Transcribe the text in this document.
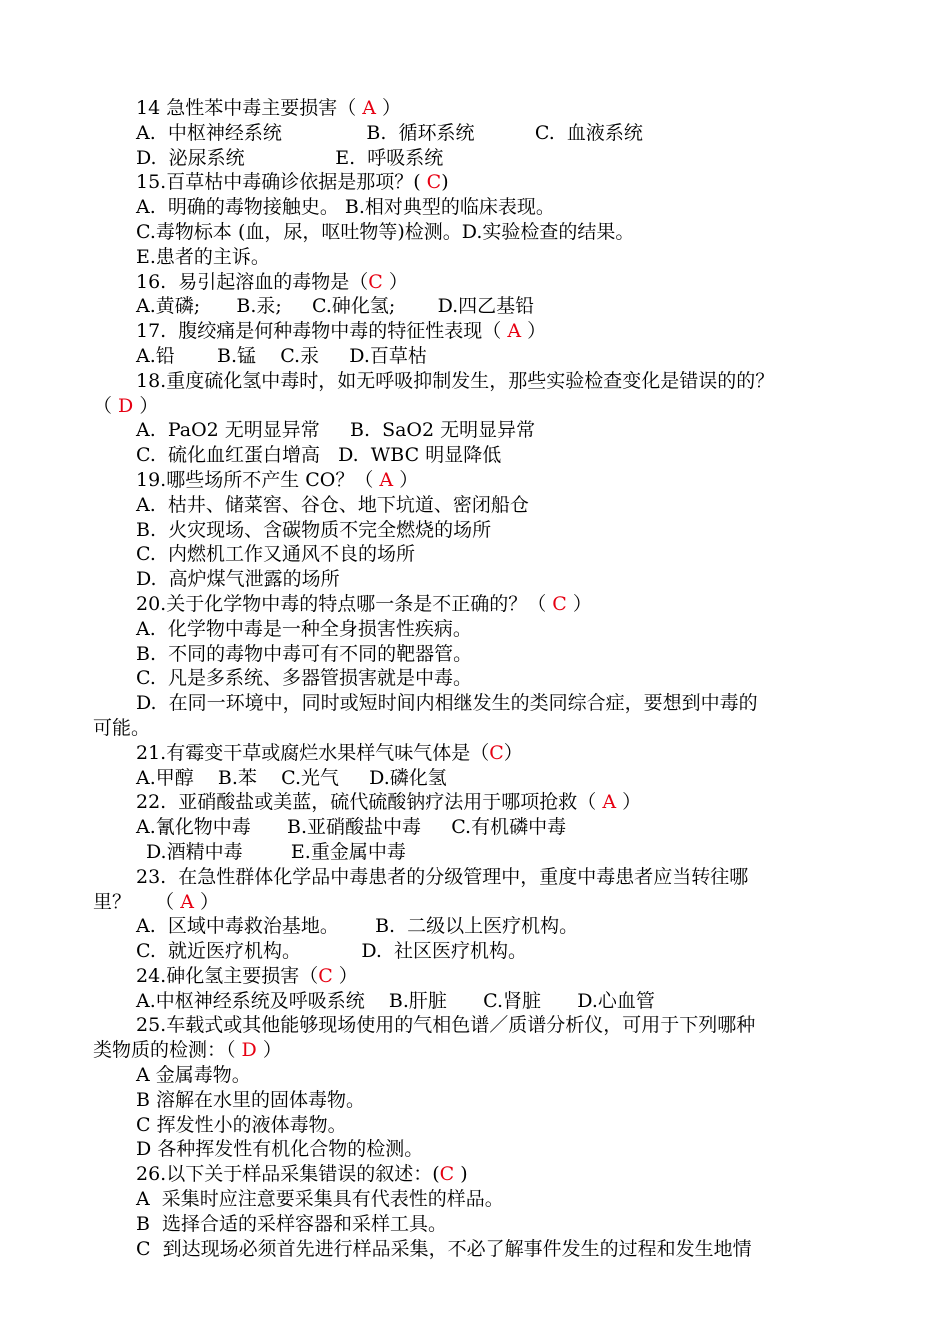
14 急性苯中毒主要损害（ A ）
A.  中枢神经系统              B.  循环系统          C.  血液系统
D.  泌尿系统               E.  呼吸系统
15.百草枯中毒确诊依据是那项？( C)
A.  明确的毒物接触史。 B.相对典型的临床表现。
C.毒物标本 (血，尿，呕吐物等)检测。D.实验检查的结果。
E.患者的主诉。
16.  易引起溶血的毒物是（C ）
A.黄磷;      B.汞;     C.砷化氢;       D.四乙基铅
17.  腹绞痛是何种毒物中毒的特征性表现（ A ）
A.铅       B.锰    C.汞     D.百草枯
18.重度硫化氢中毒时，如无呼吸抑制发生，那些实验检查变化是错误的的？
（ D ）
A.  PaO2 无明显异常     B.  SaO2 无明显异常
C.  硫化血红蛋白增高   D.  WBC 明显降低
19.哪些场所不产生 CO？（ A ）
A.  枯井、储菜窖、谷仓、地下坑道、密闭船仓
B.  火灾现场、含碳物质不完全燃烧的场所
C.  内燃机工作又通风不良的场所
D.  高炉煤气泄露的场所
20.关于化学物中毒的特点哪一条是不正确的？（ C ）
A.  化学物中毒是一种全身损害性疾病。
B.  不同的毒物中毒可有不同的靶器管。
C.  凡是多系统、多器管损害就是中毒。
D.  在同一环境中，同时或短时间内相继发生的类同综合症，要想到中毒的
可能。
21.有霉变干草或腐烂水果样气味气体是（C）
A.甲醇    B.苯    C.光气     D.磷化氢
22.  亚硝酸盐或美蓝，硫代硫酸钠疗法用于哪项抢救（ A ）
A.氰化物中毒      B.亚硝酸盐中毒     C.有机磷中毒
D.酒精中毒        E.重金属中毒
23.  在急性群体化学品中毒患者的分级管理中，重度中毒患者应当转往哪
里？    （ A ）
A.  区域中毒救治基地。      B.  二级以上医疗机构。
C.  就近医疗机构。          D.  社区医疗机构。
24.砷化氢主要损害（C ）
A.中枢神经系统及呼吸系统    B.肝脏      C.肾脏      D.心血管
25.车载式或其他能够现场使用的气相色谱／质谱分析仪，可用于下列哪种
类物质的检测：（ D ）
A 金属毒物。
B 溶解在水里的固体毒物。
C 挥发性小的液体毒物。
D 各种挥发性有机化合物的检测。
26.以下关于样品采集错误的叙述：(C )
A  采集时应注意要采集具有代表性的样品。
B  选择合适的采样容器和采样工具。
C  到达现场必须首先进行样品采集，不必了解事件发生的过程和发生地情
